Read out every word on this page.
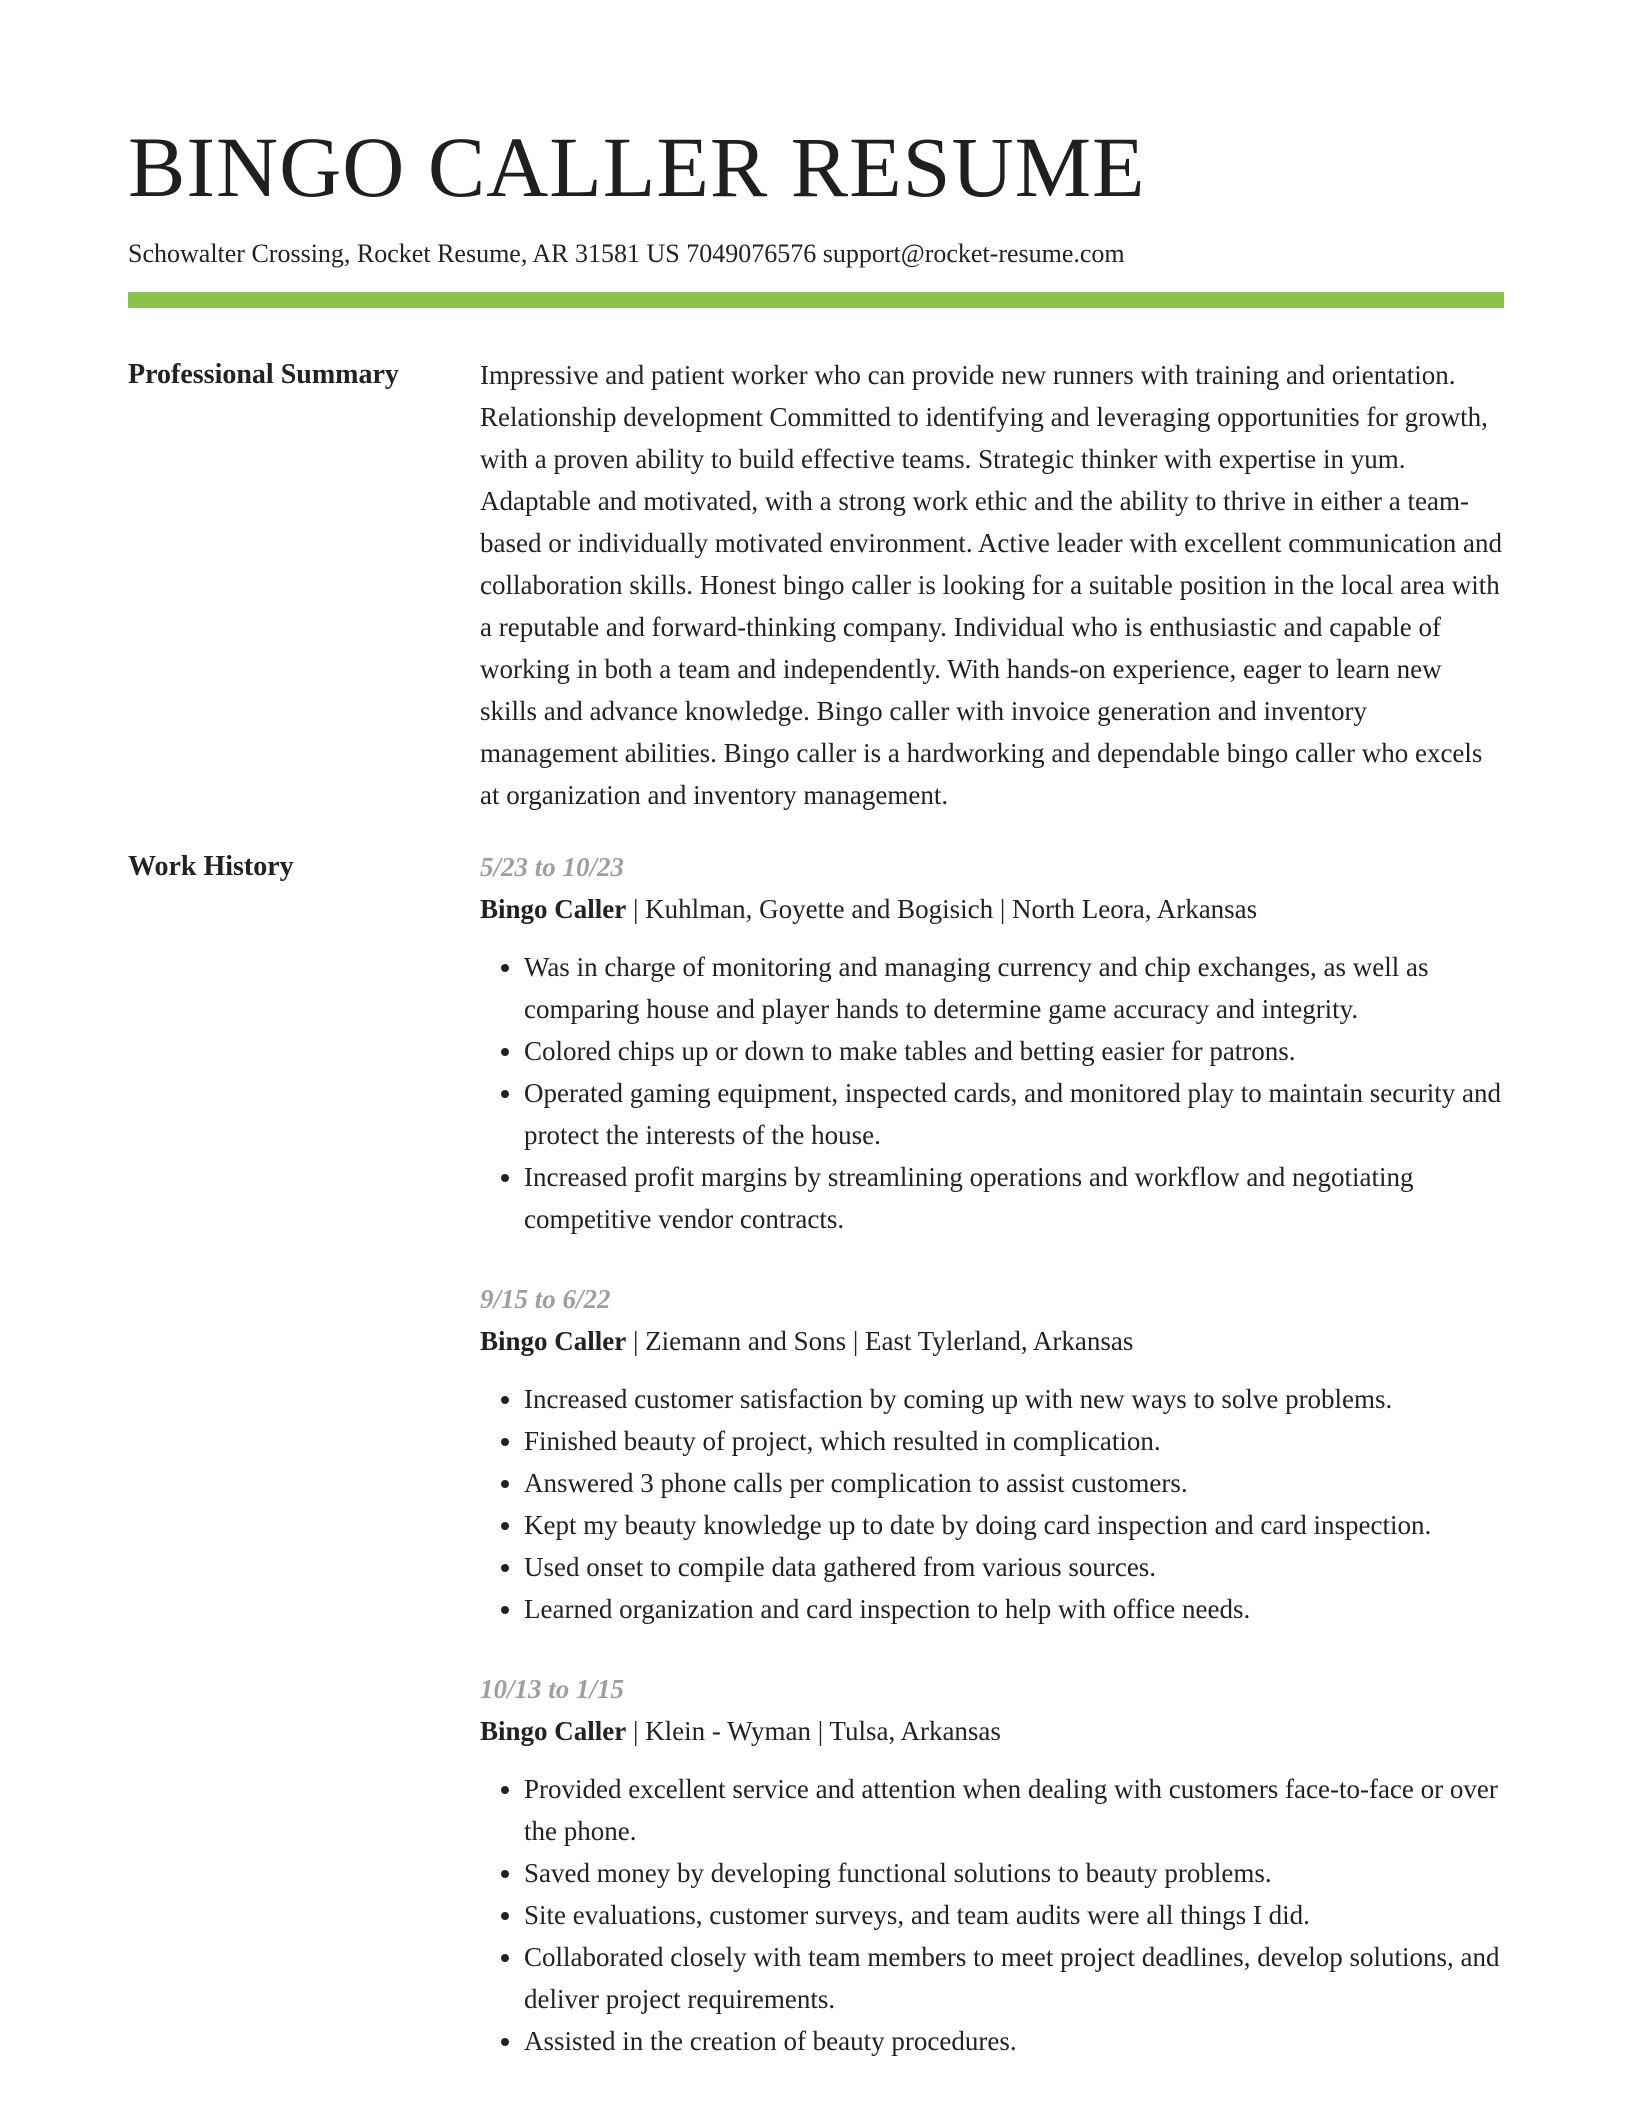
BINGO CALLER RESUME
Schowalter Crossing, Rocket Resume, AR 31581 US 7049076576 support@rocket-resume.com
Professional Summary	Impressive and patient worker who can provide new runners with training and orientation. Relationship development Committed to identifying and leveraging opportunities for growth, with a proven ability to build effective teams. Strategic thinker with expertise in yum. Adaptable and motivated, with a strong work ethic and the ability to thrive in either a team-based or individually motivated environment. Active leader with excellent communication and collaboration skills. Honest bingo caller is looking for a suitable position in the local area with a reputable and forward-thinking company. Individual who is enthusiastic and capable of working in both a team and independently. With hands-on experience, eager to learn new skills and advance knowledge. Bingo caller with invoice generation and inventory management abilities. Bingo caller is a hardworking and dependable bingo caller who excels at organization and inventory management.

Work History	5/23 to 10/23
Bingo Caller | Kuhlman, Goyette and Bogisich | North Leora, Arkansas
• Was in charge of monitoring and managing currency and chip exchanges, as well as comparing house and player hands to determine game accuracy and integrity.
• Colored chips up or down to make tables and betting easier for patrons.
• Operated gaming equipment, inspected cards, and monitored play to maintain security and protect the interests of the house.
• Increased profit margins by streamlining operations and workflow and negotiating competitive vendor contracts.
9/15 to 6/22
Bingo Caller | Ziemann and Sons | East Tylerland, Arkansas
• Increased customer satisfaction by coming up with new ways to solve problems.
• Finished beauty of project, which resulted in complication.
• Answered 3 phone calls per complication to assist customers.
• Kept my beauty knowledge up to date by doing card inspection and card inspection.
• Used onset to compile data gathered from various sources.
• Learned organization and card inspection to help with office needs.
10/13 to 1/15
Bingo Caller | Klein - Wyman | Tulsa, Arkansas
• Provided excellent service and attention when dealing with customers face-to-face or over the phone.
• Saved money by developing functional solutions to beauty problems.
• Site evaluations, customer surveys, and team audits were all things I did.
• Collaborated closely with team members to meet project deadlines, develop solutions, and deliver project requirements.
• Assisted in the creation of beauty procedures.
